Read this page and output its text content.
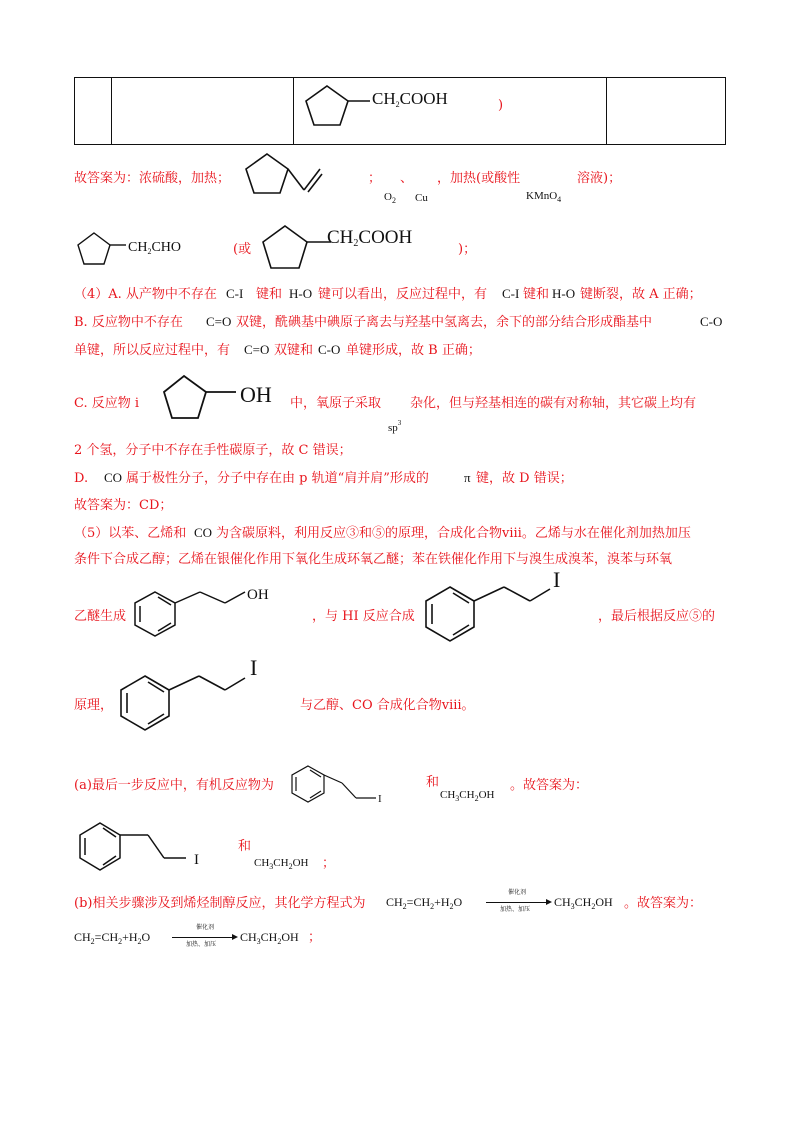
$CH_2COOH$	)
故答案为：浓硫酸，加热；	； 、 ，加热(或酸性	溶液)；
$O_2$ Cu	KMnO$_4$
$CH_2CHO$	(或
$CH_2COOH$
)；
（4）A. 从产物中不存在 C-I 键和 H-O 键可以看出，反应过程中，有 C-I 键和 H-O 键断裂，故 A 正确；
B. 反应物中不存在 C=O 双键，酰碘基中碘原子离去与羟基中氢离去，余下的部分结合形成酯基中	C-O
单键，所以反应过程中，有 C=O 双键和 C-O 单键形成，故 B 正确；
C. 反应物 i	OH 中，氧原子采取
$sp^3$
杂化，但与羟基相连的碳有对称轴，其它碳上均有
2 个氢，分子中不存在手性碳原子，故 C 错误；
D. CO 属于极性分子，分子中存在由 p 轨道“肩并肩”形成的	π 键，故 D 错误；
故答案为：CD；
（5）以苯、乙烯和 CO 为含碳原料，利用反应③和⑤的原理，合成化合物ⅷ。乙烯与水在催化剂加热加压
条件下合成乙醇；乙烯在银催化作用下氧化生成环氧乙醚；苯在铁催化作用下与溴生成溴苯，溴苯与环氧
乙醚生成
OH
，与 HI 反应合成
I
，最后根据反应⑤的
原理，
I
与乙醇、CO 合成化合物ⅷ。
(a)最后一步反应中，有机反应物为
I
和
$CH_3CH_2OH$
。故答案为：
I
和
$CH_3CH_2OH$ ；
(b)相关步骤涉及到烯烃制醇反应，其化学方程式为 $CH_2=CH_2+H_2O$
催化剂
加热、加压
$CH_3CH_2OH$ 。故答案为：
$CH_2=CH_2+H_2O$
催化剂
加热、加压
$CH_3CH_2OH$ ；
